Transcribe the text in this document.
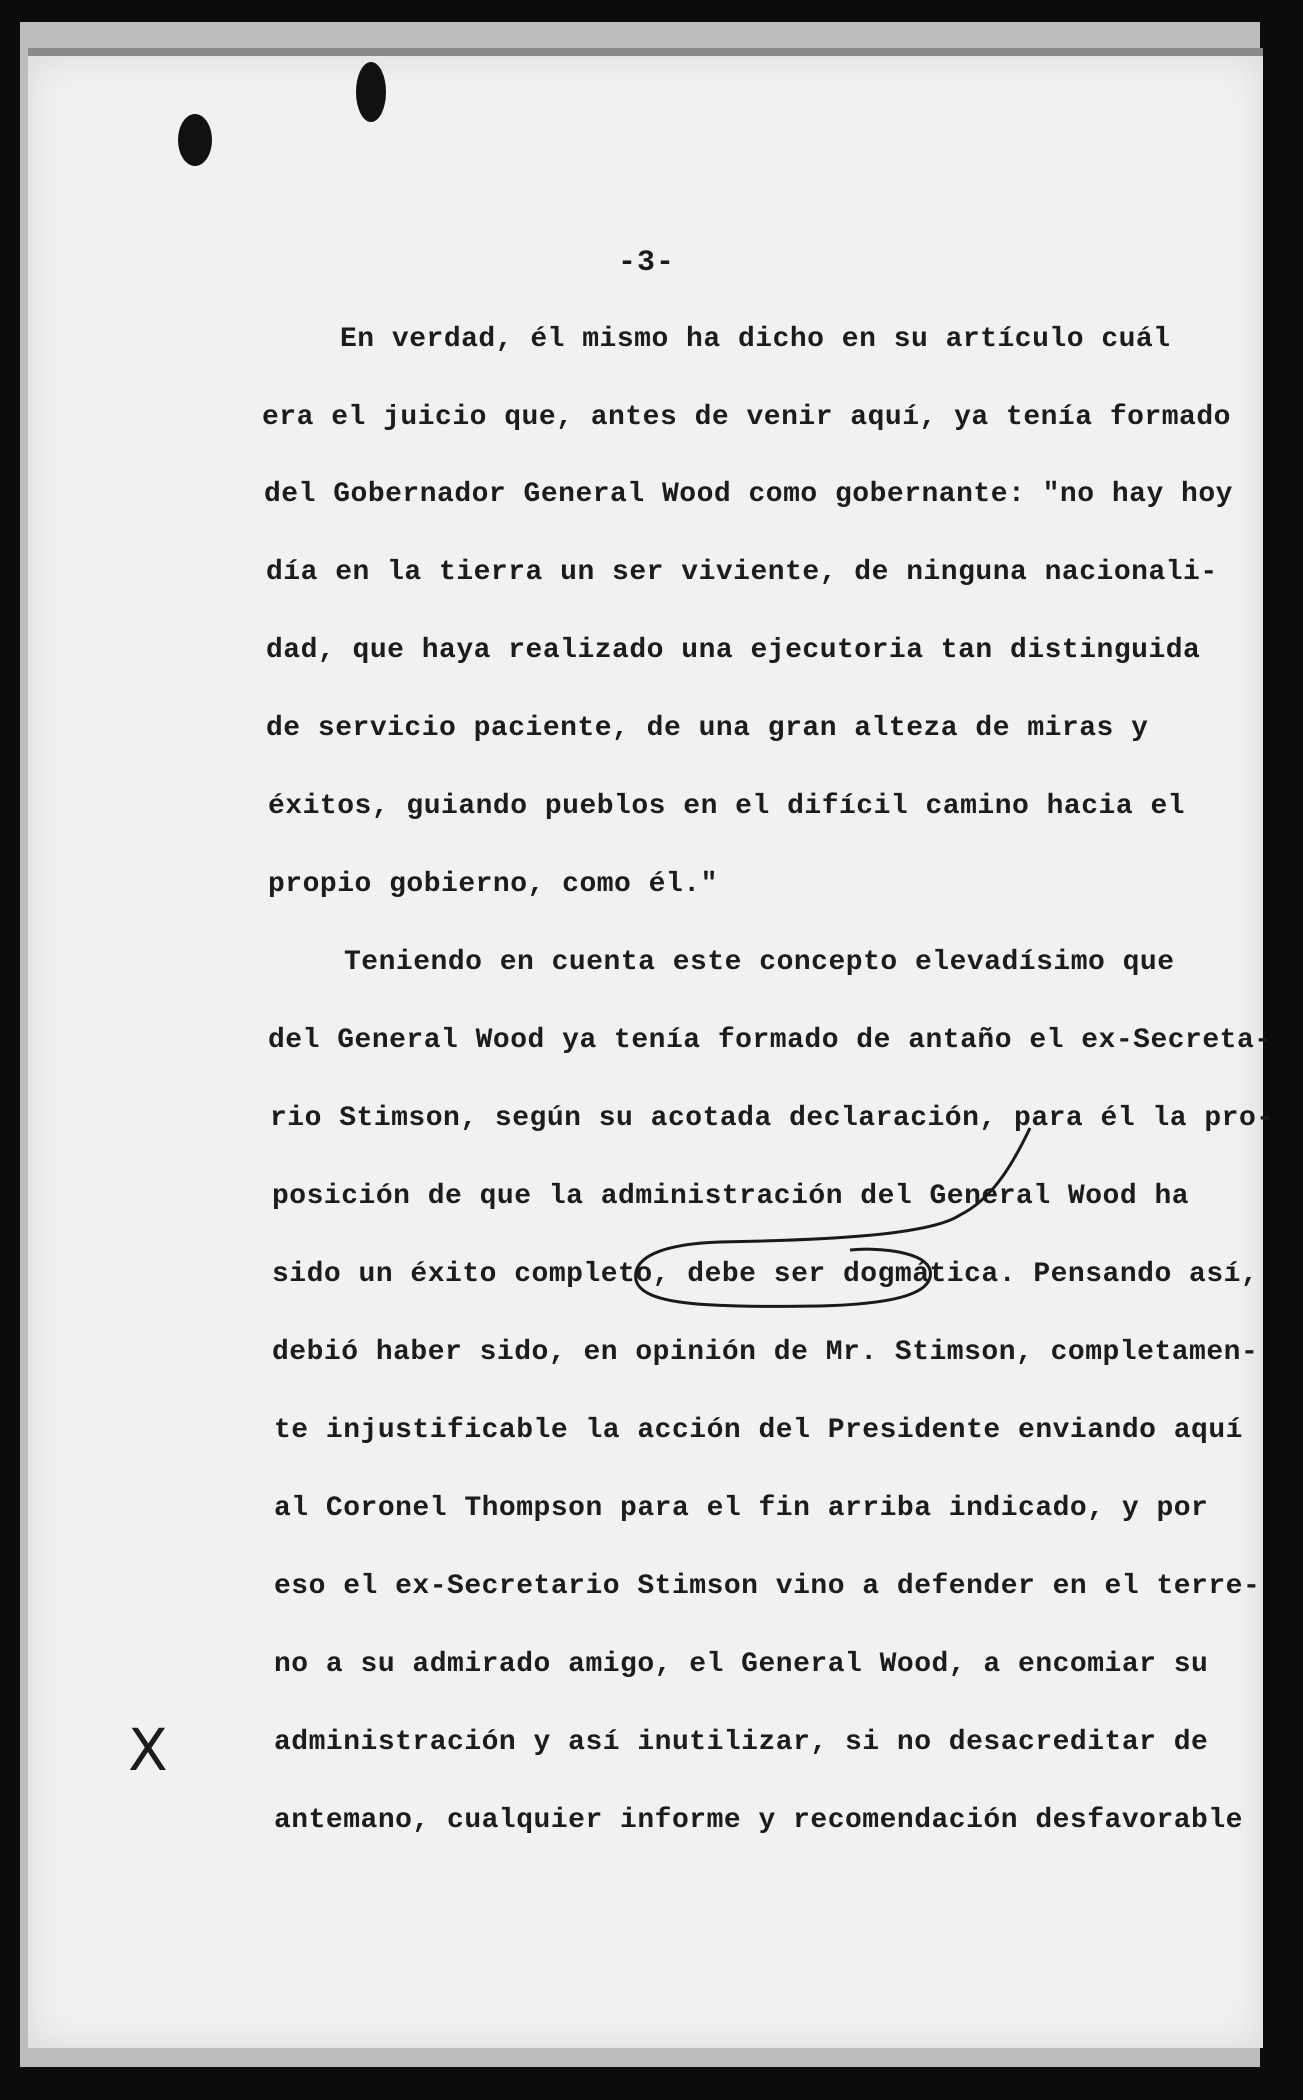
-3-
En verdad, él mismo ha dicho en su artículo cuál
era el juicio que, antes de venir aquí, ya tenía formado
del Gobernador General Wood como gobernante: "no hay hoy
día en la tierra un ser viviente, de ninguna nacionali-
dad, que haya realizado una ejecutoria tan distinguida
de servicio paciente, de una gran alteza de miras y
éxitos, guiando pueblos en el difícil camino hacia el
propio gobierno, como él."
Teniendo en cuenta este concepto elevadísimo que
del General Wood ya tenía formado de antaño el ex-Secreta-
rio Stimson, según su acotada declaración, para él la pro-
posición de que la administración del General Wood ha
sido un éxito completo, debe ser dogmática. Pensando así,
debió haber sido, en opinión de Mr. Stimson, completamen-
te injustificable la acción del Presidente enviando aquí
al Coronel Thompson para el fin arriba indicado, y por
eso el ex-Secretario Stimson vino a defender en el terre-
no a su admirado amigo, el General Wood, a encomiar su
administración y así inutilizar, si no desacreditar de
antemano, cualquier informe y recomendación desfavorable
X
